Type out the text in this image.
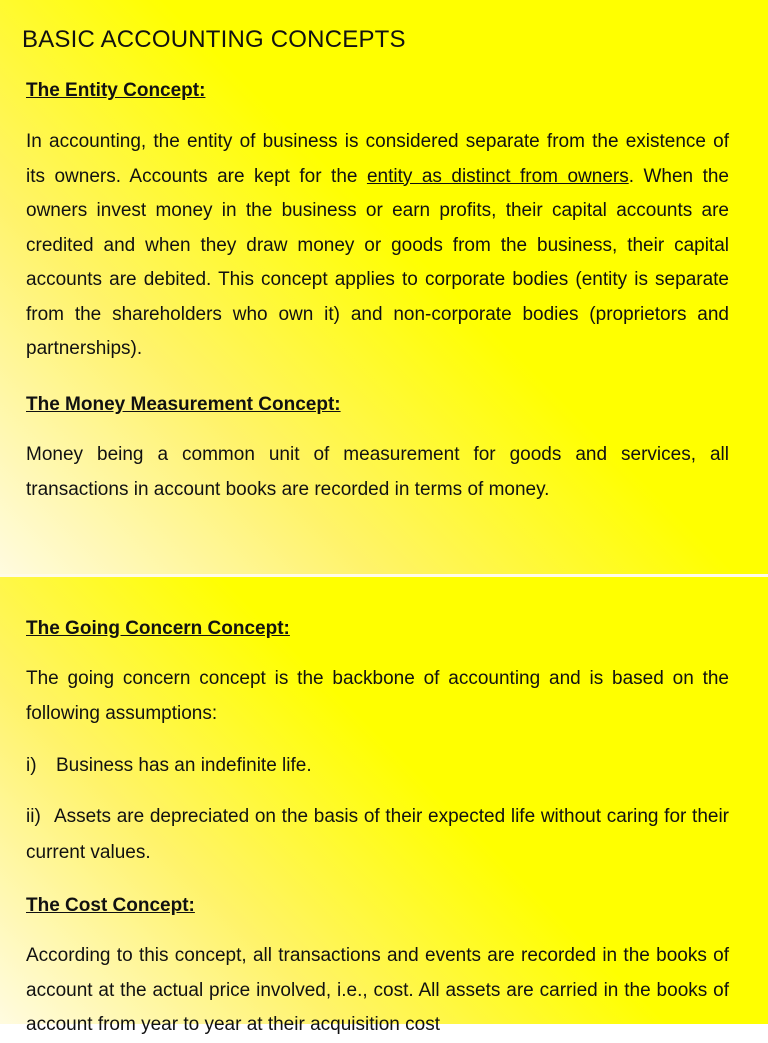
BASIC ACCOUNTING CONCEPTS
The Entity Concept:

In accounting, the entity of business is considered separate from the existence of its owners. Accounts are kept for the entity as distinct from owners. When the owners invest money in the business or earn profits, their capital accounts are credited and when they draw money or goods from the business, their capital accounts are debited. This concept applies to corporate bodies (entity is separate from the shareholders who own it) and non-corporate bodies (proprietors and partnerships).

The Money Measurement Concept:

Money being a common unit of measurement for goods and services, all transactions in account books are recorded in terms of money.

The Going Concern Concept:

The going concern concept is the backbone of accounting and is based on the following assumptions:

i) Business has an indefinite life.

ii) Assets are depreciated on the basis of their expected life without caring for their current values.

The Cost Concept:

According to this concept, all transactions and events are recorded in the books of account at the actual price involved, i.e., cost. All assets are carried in the books of account from year to year at their acquisition cost
